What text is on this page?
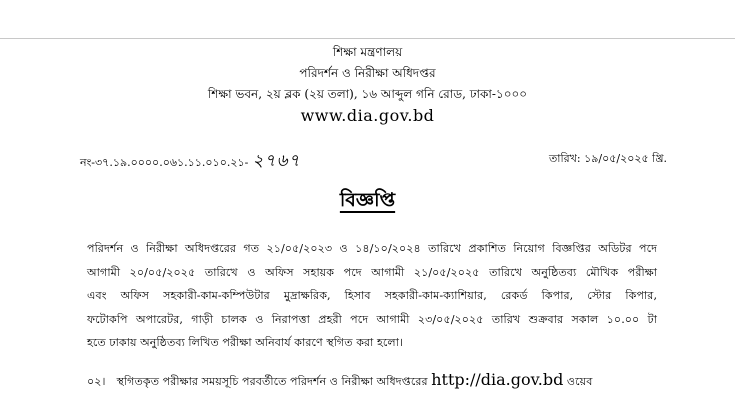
শিক্ষা মন্ত্রণালয়
পরিদর্শন ও নিরীক্ষা অধিদপ্তর
শিক্ষা ভবন, ২য় ব্লক (২য় তলা), ১৬ আব্দুল গনি রোড, ঢাকা-১০০০
www.dia.gov.bd
নং-৩৭.১৯.০০০০.০৬১.১১.০১০.২১- ২৭৬৭	তারিখ: ১৯/০৫/২০২৫ খ্রি.
বিজ্ঞপ্তি
পরিদর্শন ও নিরীক্ষা অধিদপ্তরের গত ২১/০৫/২০২৩ ও ১৪/১০/২০২৪ তারিখে প্রকাশিত নিয়োগ বিজ্ঞপ্তির অডিটর পদে
আগামী ২০/০৫/২০২৫ তারিখে ও অফিস সহায়ক পদে আগামী ২১/০৫/২০২৫ তারিখে অনুষ্ঠিতব্য মৌখিক পরীক্ষা
এবং অফিস সহকারী-কাম-কম্পিউটার মুদ্রাক্ষরিক, হিসাব সহকারী-কাম-ক্যাশিয়ার, রেকর্ড কিপার, স্টোর কিপার,
ফটোকপি অপারেটর, গাড়ী চালক ও নিরাপত্তা প্রহরী পদে আগামী ২৩/০৫/২০২৫ তারিখ শুক্রবার সকাল ১০.০০ টা
হতে ঢাকায় অনুষ্ঠিতব্য লিখিত পরীক্ষা অনিবার্য কারণে স্থগিত করা হলো।
০২। স্থগিতকৃত পরীক্ষার সময়সূচি পরবর্তীতে পরিদর্শন ও নিরীক্ষা অধিদপ্তরের http://dia.gov.bd ওয়েব
